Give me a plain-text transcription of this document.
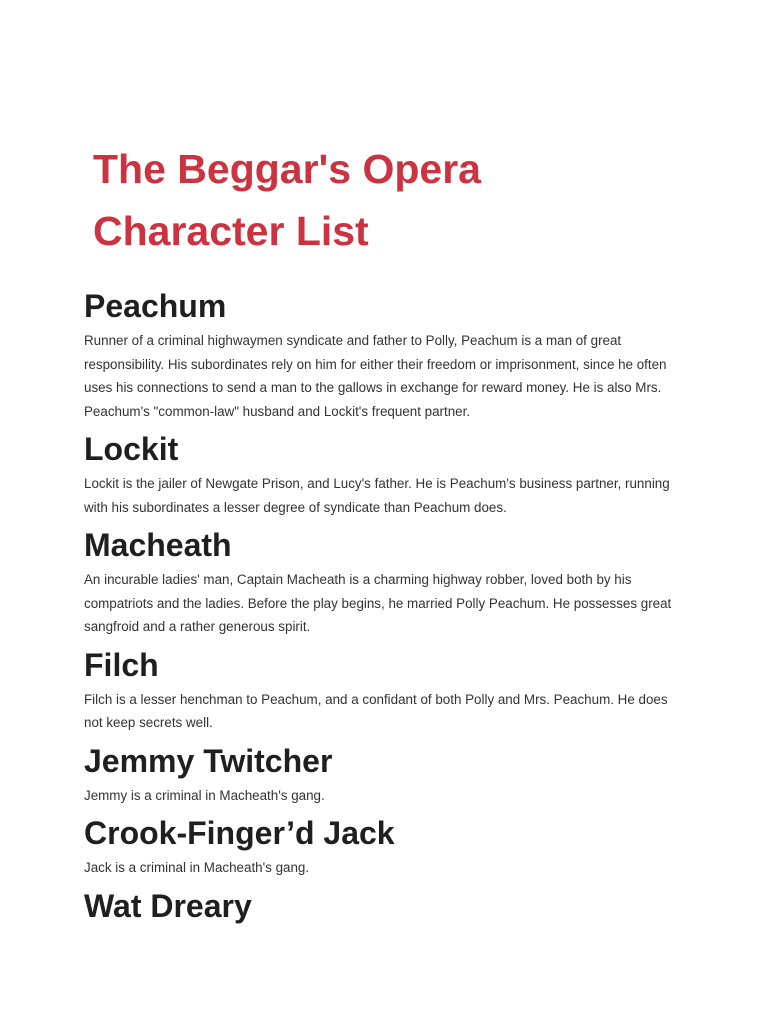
The Beggar's Opera
Character List
Peachum

Runner of a criminal highwaymen syndicate and father to Polly, Peachum is a man of great responsibility. His subordinates rely on him for either their freedom or imprisonment, since he often uses his connections to send a man to the gallows in exchange for reward money. He is also Mrs. Peachum's "common-law" husband and Lockit's frequent partner.

Lockit

Lockit is the jailer of Newgate Prison, and Lucy's father. He is Peachum's business partner, running with his subordinates a lesser degree of syndicate than Peachum does.

Macheath

An incurable ladies' man, Captain Macheath is a charming highway robber, loved both by his compatriots and the ladies. Before the play begins, he married Polly Peachum. He possesses great sangfroid and a rather generous spirit.

Filch

Filch is a lesser henchman to Peachum, and a confidant of both Polly and Mrs. Peachum. He does not keep secrets well.

Jemmy Twitcher

Jemmy is a criminal in Macheath's gang.

Crook-Finger’d Jack

Jack is a criminal in Macheath's gang.

Wat Dreary
